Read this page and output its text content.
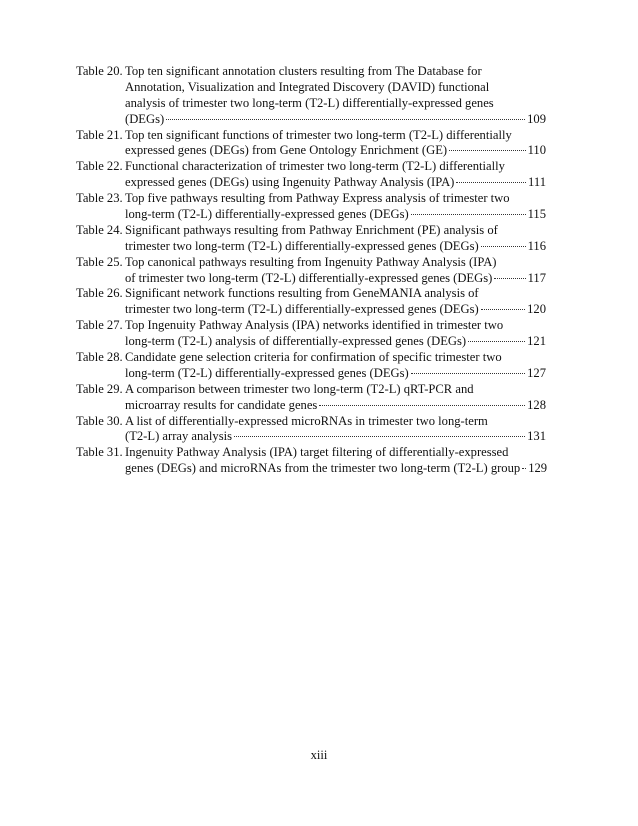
Table 20. Top ten significant annotation clusters resulting from The Database for
Annotation, Visualization and Integrated Discovery (DAVID) functional
analysis of trimester two long-term (T2-L) differentially-expressed genes
(DEGs)	109
Table 21. Top ten significant functions of trimester two long-term (T2-L) differentially
expressed genes (DEGs) from Gene Ontology Enrichment (GE)	110
Table 22. Functional characterization of trimester two long-term (T2-L) differentially
expressed genes (DEGs) using Ingenuity Pathway Analysis (IPA)	111
Table 23. Top five pathways resulting from Pathway Express analysis of trimester two
long-term (T2-L) differentially-expressed genes (DEGs)	115
Table 24. Significant pathways resulting from Pathway Enrichment (PE) analysis of
trimester two long-term (T2-L) differentially-expressed genes (DEGs)	116
Table 25. Top canonical pathways resulting from Ingenuity Pathway Analysis (IPA)
of trimester two long-term (T2-L) differentially-expressed genes (DEGs)	117
Table 26. Significant network functions resulting from GeneMANIA analysis of
trimester two long-term (T2-L) differentially-expressed genes (DEGs)	120
Table 27. Top Ingenuity Pathway Analysis (IPA) networks identified in trimester two
long-term (T2-L) analysis of differentially-expressed genes (DEGs)	121
Table 28. Candidate gene selection criteria for confirmation of specific trimester two
long-term (T2-L) differentially-expressed genes (DEGs)	127
Table 29. A comparison between trimester two long-term (T2-L) qRT-PCR and
microarray results for candidate genes	128
Table 30. A list of differentially-expressed microRNAs in trimester two long-term
(T2-L) array analysis	131
Table 31. Ingenuity Pathway Analysis (IPA) target filtering of differentially-expressed
genes (DEGs) and microRNAs from the trimester two long-term (T2-L) group 129
xiii
